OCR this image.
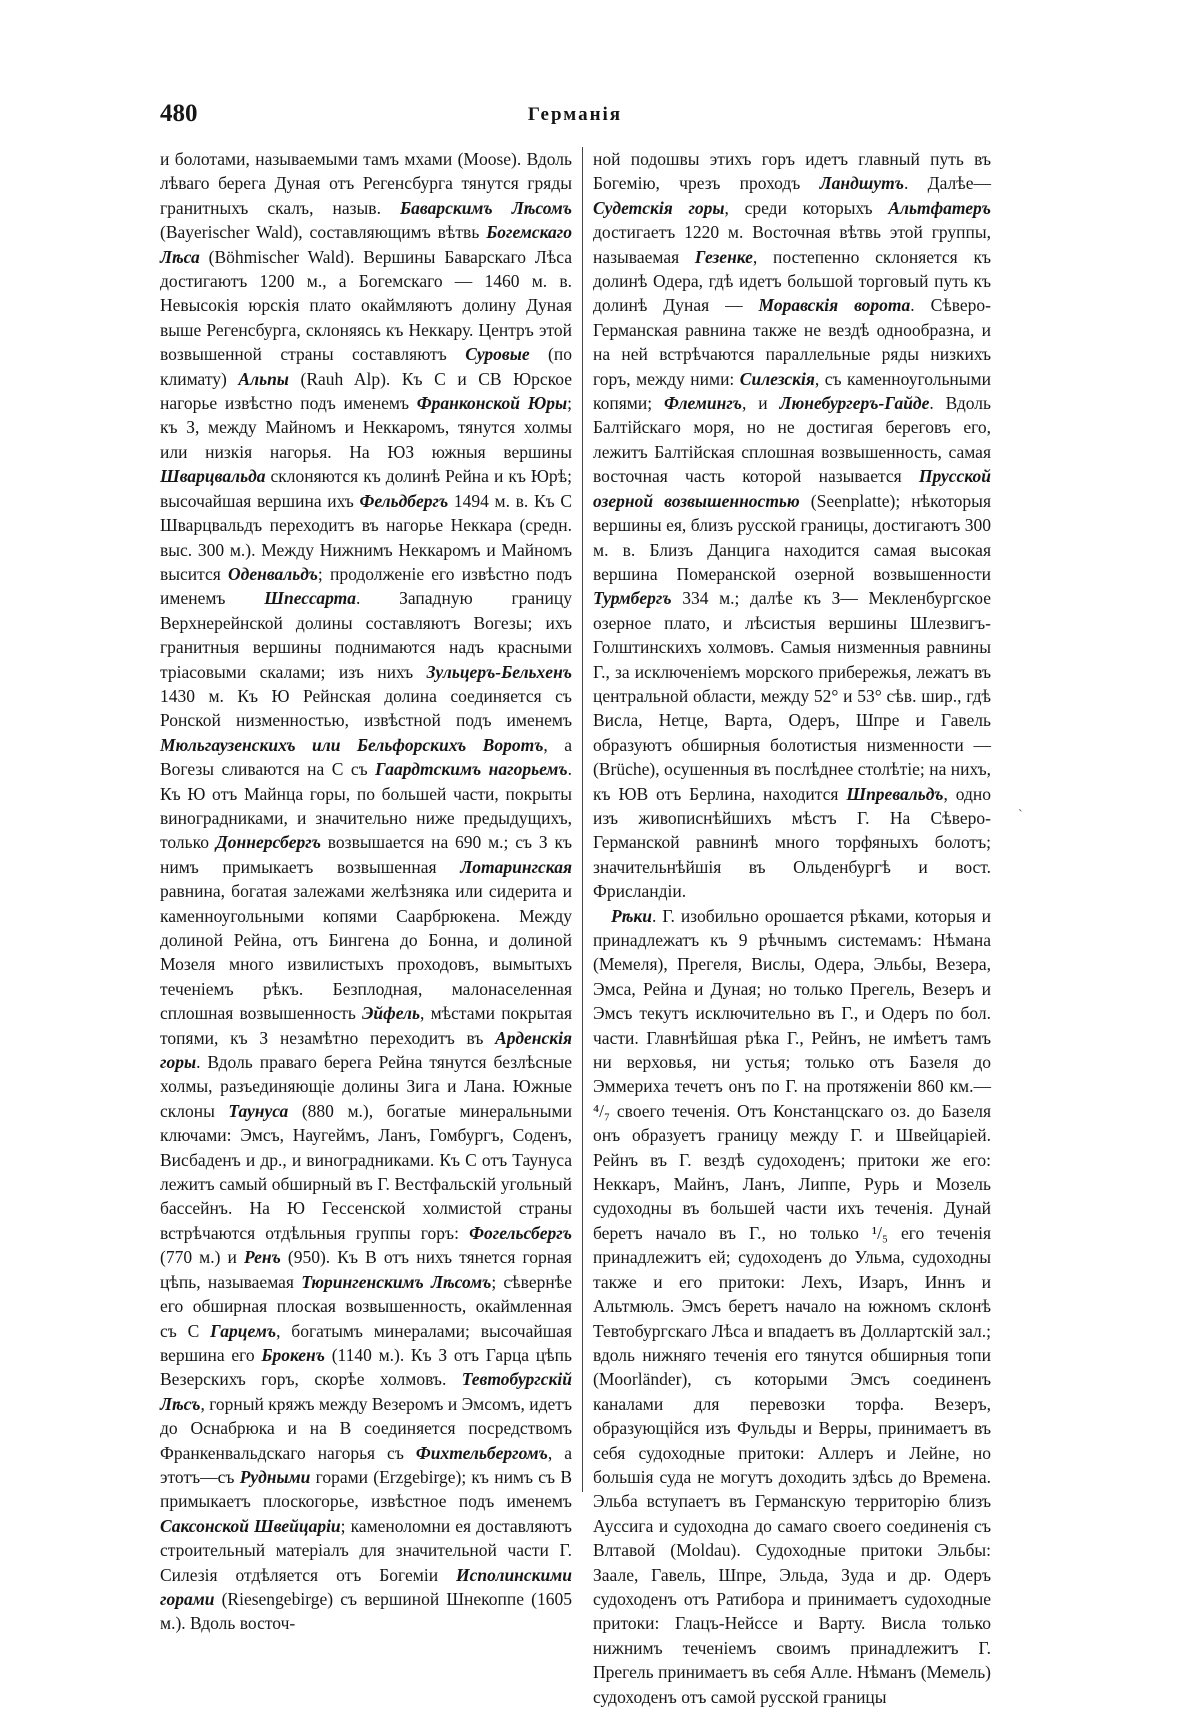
480	Германія

и болотами, называемыми тамъ мхами (Moose). Вдоль лѣваго берега Дуная отъ Регенсбурга тянутся гряды гранитныхъ скалъ, назыв. Баварскимъ Лѣсомъ (Bayerischer Wald), составляющимъ вѣтвь Богемскаго Лѣса (Böhmischer Wald). Вершины Баварскаго Лѣса достигаютъ 1200 м., а Богемскаго — 1460 м. в. Невысокія юрскія плато окаймляютъ долину Дуная выше Регенсбурга, склоняясь къ Неккару. Центръ этой возвышенной страны составляютъ Суровые (по климату) Альпы (Rauh Alp). Къ С и СВ Юрское нагорье извѣстно подъ именемъ Франконской Юры; къ З, между Майномъ и Неккаромъ, тянутся холмы или низкія нагорья. На ЮЗ южныя вершины Шварцвальда склоняются къ долинѣ Рейна и къ Юрѣ; высочайшая вершина ихъ Фельдбергъ 1494 м. в. Къ С Шварцвальдъ переходитъ въ нагорье Неккара (средн. выс. 300 м.). Между Нижнимъ Неккаромъ и Майномъ высится Оденвальдъ; продолженіе его извѣстно подъ именемъ Шпессарта. Западную границу Верхнерейнской долины составляютъ Вогезы; ихъ гранитныя вершины поднимаются надъ красными тріасовыми скалами; изъ нихъ Зульцеръ-Бельхенъ 1430 м. Къ Ю Рейнская долина соединяется съ Ронской низменностью, извѣстной подъ именемъ Мюльгаузенскихъ или Бельфорскихъ Воротъ, а Вогезы сливаются на С съ Гаардтскимъ нагорьемъ. Къ Ю отъ Майнца горы, по большей части, покрыты виноградниками, и значительно ниже предыдущихъ, только Доннерсбергъ возвышается на 690 м.; съ З къ нимъ примыкаетъ возвышенная Лотарингская равнина, богатая залежами желѣзняка или сидерита и каменноугольными копями Саарбрюкена. Между долиной Рейна, отъ Бингена до Бонна, и долиной Мозеля много извилистыхъ проходовъ, вымытыхъ теченіемъ рѣкъ. Безплодная, малонаселенная сплошная возвышенность Эйфель, мѣстами покрытая топями, къ З незамѣтно переходитъ въ Арденскія горы. Вдоль праваго берега Рейна тянутся безлѣсные холмы, разъединяющіе долины Зига и Лана. Южные склоны Таунуса (880 м.), богатые минеральными ключами: Эмсъ, Наугеймъ, Ланъ, Гомбургъ, Соденъ, Висбаденъ и др., и виноградниками. Къ С отъ Таунуса лежитъ самый обширный въ Г. Вестфальскій угольный бассейнъ. На Ю Гессенской холмистой страны встрѣчаются отдѣльныя группы горъ: Фогельсбергъ (770 м.) и Ренъ (950). Къ В отъ нихъ тянется горная цѣпь, называемая Тюрингенскимъ Лѣсомъ; сѣвернѣе его обширная плоская возвышенность, окаймленная съ С Гарцемъ, богатымъ минералами; высочайшая вершина его Брокенъ (1140 м.). Къ З отъ Гарца цѣпь Везерскихъ горъ, скорѣе холмовъ. Тевтобургскій Лѣсъ, горный кряжъ между Везеромъ и Эмсомъ, идетъ до Оснабрюка и на В соединяется посредствомъ Франкенвальдскаго нагорья съ Фихтельбергомъ, а этотъ—съ Рудными горами (Erzgebirge); къ нимъ съ В примыкаетъ плоскогорье, извѣстное подъ именемъ Саксонской Швейцаріи; каменоломни ея доставляютъ строительный матеріалъ для значительной части Г. Силезія отдѣляется отъ Богеміи Исполинскими горами (Riesengebirge) съ вершиной Шнекоппе (1605 м.). Вдоль восточ-

ной подошвы этихъ горъ идетъ главный путь въ Богемію, чрезъ проходъ Ландшутъ. Далѣе— Судетскія горы, среди которыхъ Альтфатеръ достигаетъ 1220 м. Восточная вѣтвь этой группы, называемая Гезенке, постепенно склоняется къ долинѣ Одера, гдѣ идетъ большой торговый путь къ долинѣ Дуная — Моравскія ворота. Сѣверо-Германская равнина также не вездѣ однообразна, и на ней встрѣчаются параллельные ряды низкихъ горъ, между ними: Силезскія, съ каменноугольными копями; Флемингъ, и Люнебургеръ-Гайде. Вдоль Балтійскаго моря, но не достигая береговъ его, лежитъ Балтійская сплошная возвышенность, самая восточная часть которой называется Прусской озерной возвышенностью (Seenplatte); нѣкоторыя вершины ея, близъ русской границы, достигаютъ 300 м. в. Близъ Данцига находится самая высокая вершина Померанской озерной возвышенности Турмбергъ 334 м.; далѣе къ З— Мекленбургское озерное плато, и лѣсистыя вершины Шлезвигъ-Голштинскихъ холмовъ. Самыя низменныя равнины Г., за исключеніемъ морского прибережья, лежатъ въ центральной области, между 52° и 53° сѣв. шир., гдѣ Висла, Нетце, Варта, Одеръ, Шпре и Гавель образуютъ обширныя болотистыя низменности — (Brüche), осушенныя въ послѣднее столѣтіе; на нихъ, къ ЮВ отъ Берлина, находится Шпревальдъ, одно изъ живописнѣйшихъ мѣстъ Г. На Сѣверо-Германской равнинѣ много торфяныхъ болотъ; значительнѣйшія въ Ольденбургѣ и вост. Фрисландіи.

Рѣки. Г. изобильно орошается рѣками, которыя и принадлежатъ къ 9 рѣчнымъ системамъ: Нѣмана (Мемеля), Прегеля, Вислы, Одера, Эльбы, Везера, Эмса, Рейна и Дуная; но только Прегель, Везеръ и Эмсъ текутъ исключительно въ Г., и Одеръ по бол. части. Главнѣйшая рѣка Г., Рейнъ, не имѣетъ тамъ ни верховья, ни устья; только отъ Базеля до Эммериха течетъ онъ по Г. на протяженіи 860 км.— ⁴/₇ своего теченія. Отъ Констанцскаго оз. до Базеля онъ образуетъ границу между Г. и Швейцаріей. Рейнъ въ Г. вездѣ судоходенъ; притоки же его: Неккаръ, Майнъ, Ланъ, Липпе, Рурь и Мозель судоходны въ большей части ихъ теченія. Дунай беретъ начало въ Г., но только ¹/₅ его теченія принадлежитъ ей; судоходенъ до Ульма, судоходны также и его притоки: Лехъ, Изаръ, Иннъ и Альтмюль. Эмсъ беретъ начало на южномъ склонѣ Тевтобургскаго Лѣса и впадаетъ въ Доллартскій зал.; вдоль нижняго теченія его тянутся обширныя топи (Moorländer), съ которыми Эмсъ соединенъ каналами для перевозки торфа. Везеръ, образующійся изъ Фульды и Верры, принимаетъ въ себя судоходные притоки: Аллеръ и Лейне, но большія суда не могутъ доходить здѣсь до Времена. Эльба вступаетъ въ Германскую территорію близъ Аусcига и судоходна до самаго своего соединенія съ Влтавой (Moldau). Судоходные притоки Эльбы: Заале, Гавель, Шпре, Эльда, Зуда и др. Одеръ судоходенъ отъ Ратибора и принимаетъ судоходные притоки: Глацъ-Нейссе и Варту. Висла только нижнимъ теченіемъ своимъ принадлежитъ Г. Прегель принимаетъ въ себя Алле. Нѣманъ (Мемель) судоходенъ отъ самой русской границы

`
